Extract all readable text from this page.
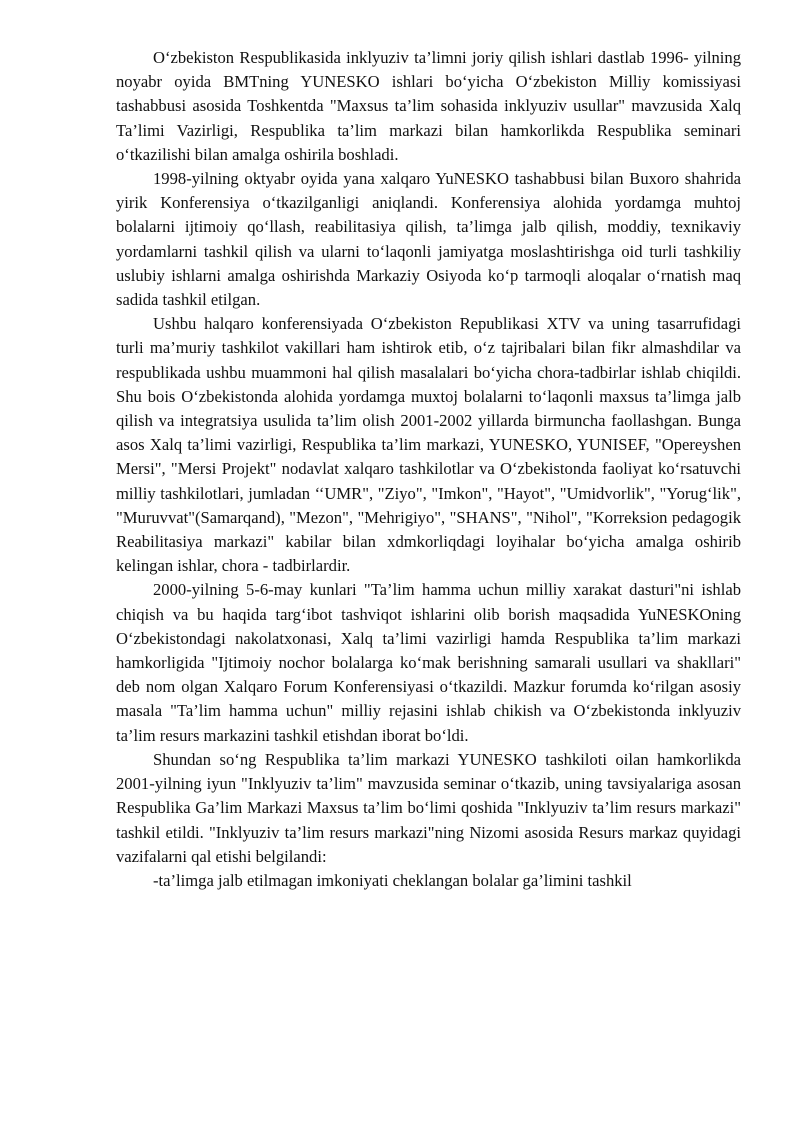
O‘zbekiston Respublikasida inklyuziv ta’limni joriy qilish ishlari dastlab 1996- yilning noyabr oyida BMTning YUNESKO ishlari bo‘yicha O‘zbekiston Milliy komissiyasi tashabbusi asosida Toshkentda "Maxsus ta’lim sohasida inklyuziv usullar" mavzusida Xalq Ta’limi Vazirligi, Respublika ta’lim markazi bilan hamkorlikda Respublika seminari o‘tkazilishi bilan amalga oshirila boshladi.

1998-yilning oktyabr oyida yana xalqaro YuNESKO tashabbusi bilan Buxoro shahrida yirik Konferensiya o‘tkazilganligi aniqlandi. Konferensiya alohida yordamga muhtoj bolalarni ijtimoiy qo‘llash, reabilitasiya qilish, ta’limga jalb qilish, moddiy, texnikaviy yordamlarni tashkil qilish va ularni to‘laqonli jamiyatga moslashtirishga oid turli tashkiliy uslubiy ishlarni amalga oshirishda Markaziy Osiyoda ko‘p tarmoqli aloqalar o‘rnatish maq sadida tashkil etilgan.

Ushbu halqaro konferensiyada O‘zbekiston Republikasi XTV va uning tasarrufidagi turli ma’muriy tashkilot vakillari ham ishtirok etib, o‘z tajribalari bilan fikr almashdilar va respublikada ushbu muammoni hal qilish masalalari bo‘yicha chora-tadbirlar ishlab chiqildi. Shu bois O‘zbekistonda alohida yordamga muxtoj bolalarni to‘laqonli maxsus ta’limga jalb qilish va integratsiya usulida ta’lim olish 2001-2002 yillarda birmuncha faollashgan. Bunga asos Xalq ta’limi vazirligi, Respublika ta’lim markazi, YUNESKO, YUNISEF, "Opereyshen Mersi", "Mersi Projekt" nodavlat xalqaro tashkilotlar va O‘zbekistonda faoliyat ko‘rsatuvchi milliy tashkilotlari, jumladan ‘‘UMR", "Ziyo", "Imkon", "Hayot", "Umidvorlik", "Yorug‘lik", "Muruvvat"(Samarqand), "Mezon", "Mehrigiyo", "SHANS", "Nihol", "Korreksion pedagogik Reabilitasiya markazi" kabilar bilan xdmkorliqdagi loyihalar bo‘yicha amalga oshirib kelingan ishlar, chora - tadbirlardir.

2000-yilning 5-6-may kunlari "Ta’lim hamma uchun milliy xarakat dasturi"ni ishlab chiqish va bu haqida targ‘ibot tashviqot ishlarini olib borish maqsadida YuNESKOning O‘zbekistondagi nakolatxonasi, Xalq ta’limi vazirligi hamda Respublika ta’lim markazi hamkorligida "Ijtimoiy nochor bolalarga ko‘mak berishning samarali usullari va shakllari" deb nom olgan Xalqaro Forum Konferensiyasi o‘tkazildi. Mazkur forumda ko‘rilgan asosiy masala "Ta’lim hamma uchun" milliy rejasini ishlab chikish va O‘zbekistonda inklyuziv ta’lim resurs markazini tashkil etishdan iborat bo‘ldi.

Shundan so‘ng Respublika ta’lim markazi YUNESKO tashkiloti oilan hamkorlikda 2001-yilning iyun "Inklyuziv ta’lim" mavzusida seminar o‘tkazib, uning tavsiyalariga asosan Respublika Ga’lim Markazi Maxsus ta’lim bo‘limi qoshida "Inklyuziv ta’lim resurs markazi" tashkil etildi. "Inklyuziv ta’lim resurs markazi"ning Nizomi asosida Resurs markaz quyidagi vazifalarni qal etishi belgilandi:

-ta’limga jalb etilmagan imkoniyati cheklangan bolalar ga’limini tashkil
